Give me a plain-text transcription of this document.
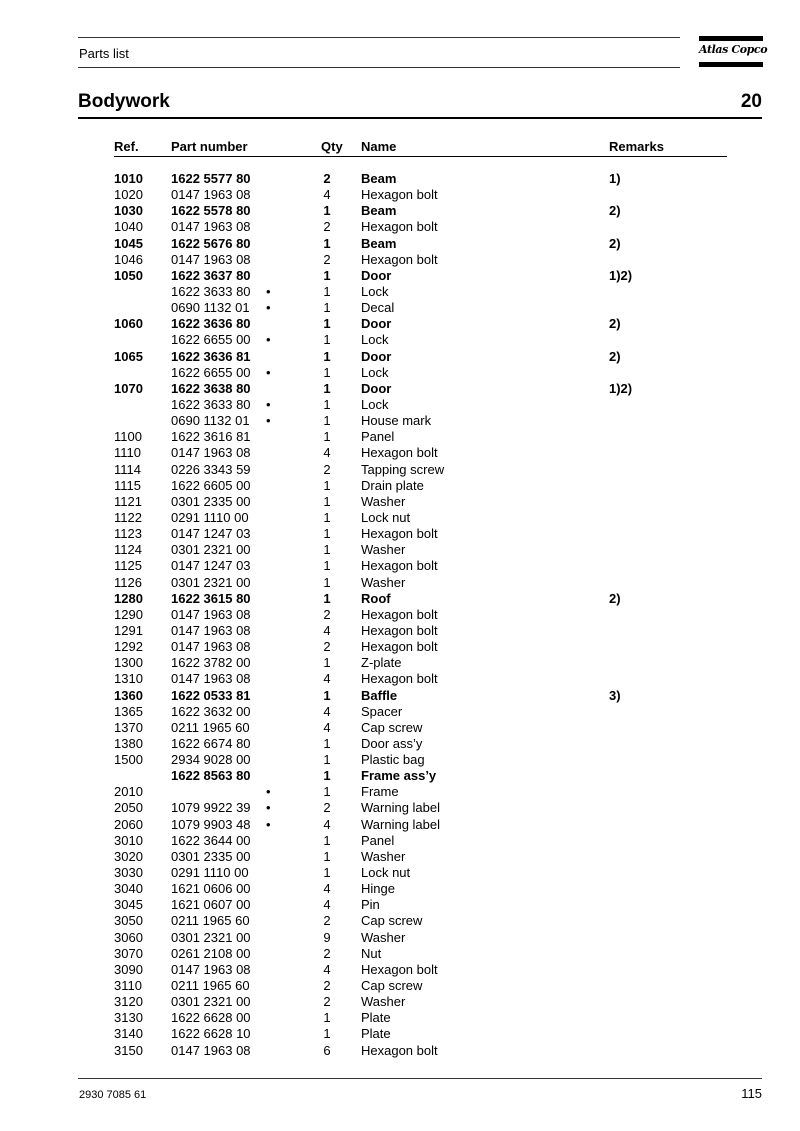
Parts list	Atlas Copco
Bodywork	20
Ref. Part number	Qty Name	Remarks
1010 1622 5577 80	2 Beam	1)
1020 0147 1963 08	4 Hexagon bolt
1030 1622 5578 80	1 Beam	2)
1040 0147 1963 08	2 Hexagon bolt
1045 1622 5676 80	1 Beam	2)
1046 0147 1963 08	2 Hexagon bolt
1050 1622 3637 80	1 Door	1)2)
1622 3633 80 •	1 Lock
0690 1132 01 •	1 Decal
1060 1622 3636 80	1 Door	2)
1622 6655 00 •	1 Lock
1065 1622 3636 81	1 Door	2)
1622 6655 00 •	1 Lock
1070 1622 3638 80	1 Door	1)2)
1622 3633 80 •	1 Lock
0690 1132 01 •	1 House mark
1100 1622 3616 81	1 Panel
1110 0147 1963 08	4 Hexagon bolt
1114 0226 3343 59	2 Tapping screw
1115 1622 6605 00	1 Drain plate
1121 0301 2335 00	1 Washer
1122 0291 1110 00	1 Lock nut
1123 0147 1247 03	1 Hexagon bolt
1124 0301 2321 00	1 Washer
1125 0147 1247 03	1 Hexagon bolt
1126 0301 2321 00	1 Washer
1280 1622 3615 80	1 Roof	2)
1290 0147 1963 08	2 Hexagon bolt
1291 0147 1963 08	4 Hexagon bolt
1292 0147 1963 08	2 Hexagon bolt
1300 1622 3782 00	1 Z-plate
1310 0147 1963 08	4 Hexagon bolt
1360 1622 0533 81	1 Baffle	3)
1365 1622 3632 00	4 Spacer
1370 0211 1965 60	4 Cap screw
1380 1622 6674 80	1 Door ass’y
1500 2934 9028 00	1 Plastic bag
1622 8563 80	1 Frame ass’y
2010	•	1 Frame
2050 1079 9922 39 •	2 Warning label
2060 1079 9903 48 •	4 Warning label
3010 1622 3644 00	1 Panel
3020 0301 2335 00	1 Washer
3030 0291 1110 00	1 Lock nut
3040 1621 0606 00	4 Hinge
3045 1621 0607 00	4 Pin
3050 0211 1965 60	2 Cap screw
3060 0301 2321 00	9 Washer
3070 0261 2108 00	2 Nut
3090 0147 1963 08	4 Hexagon bolt
3110 0211 1965 60	2 Cap screw
3120 0301 2321 00	2 Washer
3130 1622 6628 00	1 Plate
3140 1622 6628 10	1 Plate
3150 0147 1963 08	6 Hexagon bolt
2930 7085 61	115
